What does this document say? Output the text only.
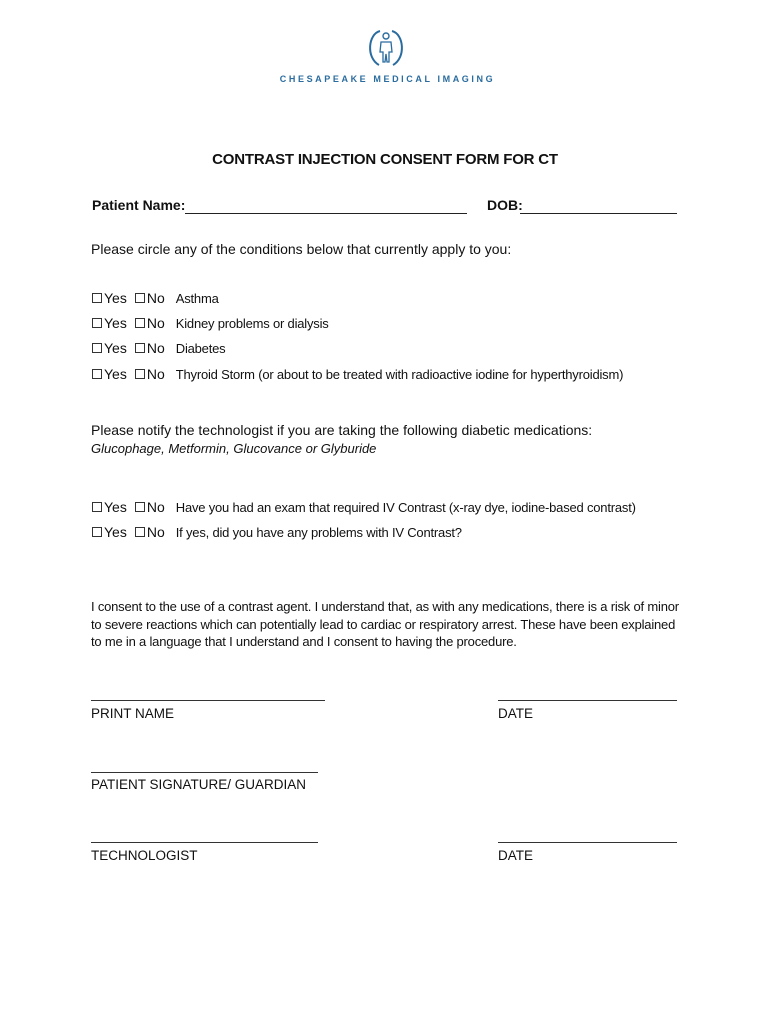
CHESAPEAKE MEDICAL IMAGING
CONTRAST INJECTION CONSENT FORM FOR CT
Patient Name:	DOB:
Please circle any of the conditions below that currently apply to you:
Yes No Asthma
Yes No Kidney problems or dialysis
Yes No Diabetes
Yes No Thyroid Storm (or about to be treated with radioactive iodine for hyperthyroidism)
Please notify the technologist if you are taking the following diabetic medications:
Glucophage, Metformin, Glucovance or Glyburide
Yes No Have you had an exam that required IV Contrast (x-ray dye, iodine-based contrast)
Yes No If yes, did you have any problems with IV Contrast?
I consent to the use of a contrast agent. I understand that, as with any medications, there is a risk of minor
to severe reactions which can potentially lead to cardiac or respiratory arrest. These have been explained
to me in a language that I understand and I consent to having the procedure.
PRINT NAME	DATE
PATIENT SIGNATURE/ GUARDIAN
TECHNOLOGIST	DATE
